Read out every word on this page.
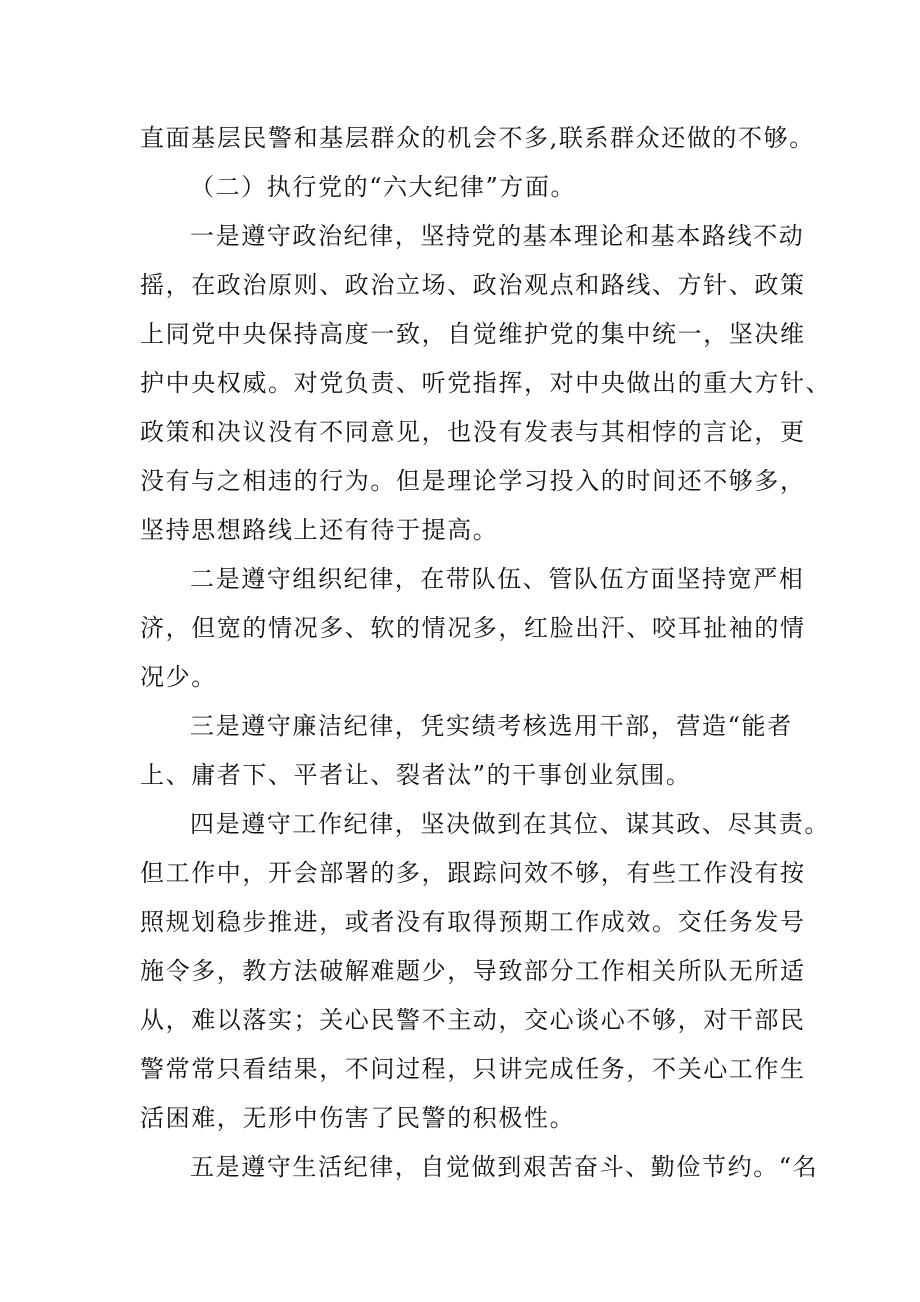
直面基层民警和基层群众的机会不多,联系群众还做的不够。
（二）执行党的“六大纪律”方面。
一是遵守政治纪律，坚持党的基本理论和基本路线不动
摇，在政治原则、政治立场、政治观点和路线、方针、政策
上同党中央保持高度一致，自觉维护党的集中统一，坚决维
护中央权威。对党负责、听党指挥，对中央做出的重大方针、
政策和决议没有不同意见，也没有发表与其相悖的言论，更
没有与之相违的行为。但是理论学习投入的时间还不够多，
坚持思想路线上还有待于提高。
二是遵守组织纪律，在带队伍、管队伍方面坚持宽严相
济，但宽的情况多、软的情况多，红脸出汗、咬耳扯袖的情
况少。
三是遵守廉洁纪律，凭实绩考核选用干部，营造“能者
上、庸者下、平者让、裂者汰”的干事创业氛围。
四是遵守工作纪律，坚决做到在其位、谋其政、尽其责。
但工作中，开会部署的多，跟踪问效不够，有些工作没有按
照规划稳步推进，或者没有取得预期工作成效。交任务发号
施令多，教方法破解难题少，导致部分工作相关所队无所适
从，难以落实；关心民警不主动，交心谈心不够，对干部民
警常常只看结果，不问过程，只讲完成任务，不关心工作生
活困难，无形中伤害了民警的积极性。
五是遵守生活纪律，自觉做到艰苦奋斗、勤俭节约。“名
